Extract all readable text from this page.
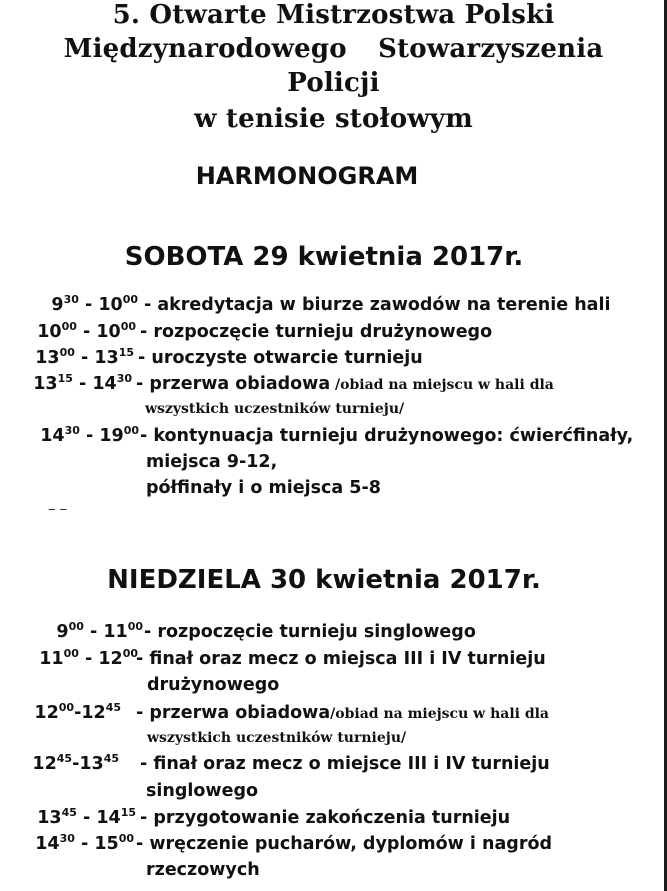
5. Otwarte Mistrzostwa Polski
Międzynarodowego Stowarzyszenia
Policji
w tenisie stołowym
HARMONOGRAM
SOBOTA 29 kwietnia 2017r.
$9^{30} - 10^{00}$ - akredytacja w biurze zawodów na terenie hali
$10^{00} - 10^{00}$ - rozpoczęcie turnieju drużynowego
$13^{00} - 13^{15}$ - uroczyste otwarcie turnieju
$13^{15} - 14^{30}$ - przerwa obiadowa /obiad na miejscu w hali dla
wszystkich uczestników turnieju/
$14^{30} - 19^{00}$ - kontynuacja turnieju drużynowego: ćwierćfinały,
miejsca 9-12,
półfinały i o miejsca 5-8
‒ ‒
NIEDZIELA 30 kwietnia 2017r.
$9^{00} - 11^{00}$ - rozpoczęcie turnieju singlowego
$11^{00} - 12^{00}$
- finał oraz mecz o miejsca III i IV turnieju
drużynowego
$12^{00}-12^{45}$ - przerwa obiadowa/obiad na miejscu w hali dla
wszystkich uczestników turnieju/
$12^{45}-13^{45}$ - finał oraz mecz o miejsce III i IV turnieju
singlowego
$13^{45} - 14^{15}$ - przygotowanie zakończenia turnieju
$14^{30} - 15^{00}$ - wręczenie pucharów, dyplomów i nagród
rzeczowych
